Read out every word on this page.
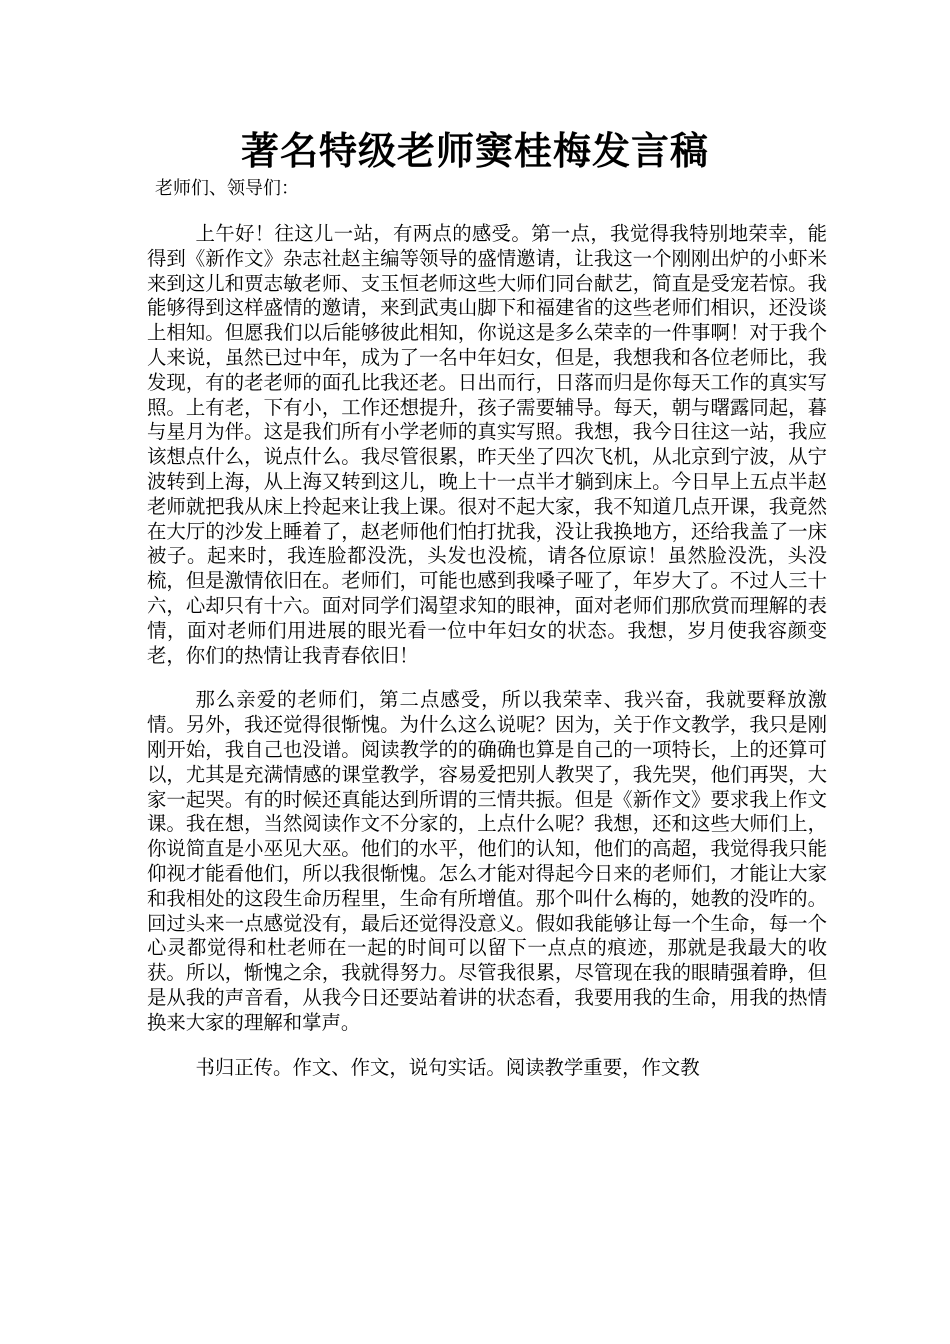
著名特级老师窦桂梅发言稿

老师们、领导们：

上午好！往这儿一站，有两点的感受。第一点，我觉得我特别地荣幸，能得到《新作文》杂志社赵主编等领导的盛情邀请，让我这一个刚刚出炉的小虾米来到这儿和贾志敏老师、支玉恒老师这些大师们同台献艺，简直是受宠若惊。我能够得到这样盛情的邀请，来到武夷山脚下和福建省的这些老师们相识，还没谈上相知。但愿我们以后能够彼此相知，你说这是多么荣幸的一件事啊！对于我个人来说，虽然已过中年，成为了一名中年妇女，但是，我想我和各位老师比，我发现，有的老老师的面孔比我还老。日出而行，日落而归是你每天工作的真实写照。上有老，下有小，工作还想提升，孩子需要辅导。每天，朝与曙露同起，暮与星月为伴。这是我们所有小学老师的真实写照。我想，我今日往这一站，我应该想点什么，说点什么。我尽管很累，昨天坐了四次飞机，从北京到宁波，从宁波转到上海，从上海又转到这儿，晚上十一点半才躺到床上。今日早上五点半赵老师就把我从床上拎起来让我上课。很对不起大家，我不知道几点开课，我竟然在大厅的沙发上睡着了，赵老师他们怕打扰我，没让我换地方，还给我盖了一床被子。起来时，我连脸都没洗，头发也没梳，请各位原谅！虽然脸没洗，头没梳，但是激情依旧在。老师们，可能也感到我嗓子哑了，年岁大了。不过人三十六，心却只有十六。面对同学们渴望求知的眼神，面对老师们那欣赏而理解的表情，面对老师们用进展的眼光看一位中年妇女的状态。我想，岁月使我容颜变老，你们的热情让我青春依旧！

那么亲爱的老师们，第二点感受，所以我荣幸、我兴奋，我就要释放激情。另外，我还觉得很惭愧。为什么这么说呢？因为，关于作文教学，我只是刚刚开始，我自己也没谱。阅读教学的的确确也算是自己的一项特长，上的还算可以，尤其是充满情感的课堂教学，容易爱把别人教哭了，我先哭，他们再哭，大家一起哭。有的时候还真能达到所谓的三情共振。但是《新作文》要求我上作文课。我在想，当然阅读作文不分家的，上点什么呢？我想，还和这些大师们上，你说简直是小巫见大巫。他们的水平，他们的认知，他们的高超，我觉得我只能仰视才能看他们，所以我很惭愧。怎么才能对得起今日来的老师们，才能让大家和我相处的这段生命历程里，生命有所增值。那个叫什么梅的，她教的没咋的。回过头来一点感觉没有，最后还觉得没意义。假如我能够让每一个生命，每一个心灵都觉得和杜老师在一起的时间可以留下一点点的痕迹，那就是我最大的收获。所以，惭愧之余，我就得努力。尽管我很累，尽管现在我的眼睛强着睁，但是从我的声音看，从我今日还要站着讲的状态看，我要用我的生命，用我的热情换来大家的理解和掌声。

书归正传。作文、作文，说句实话。阅读教学重要，作文教
